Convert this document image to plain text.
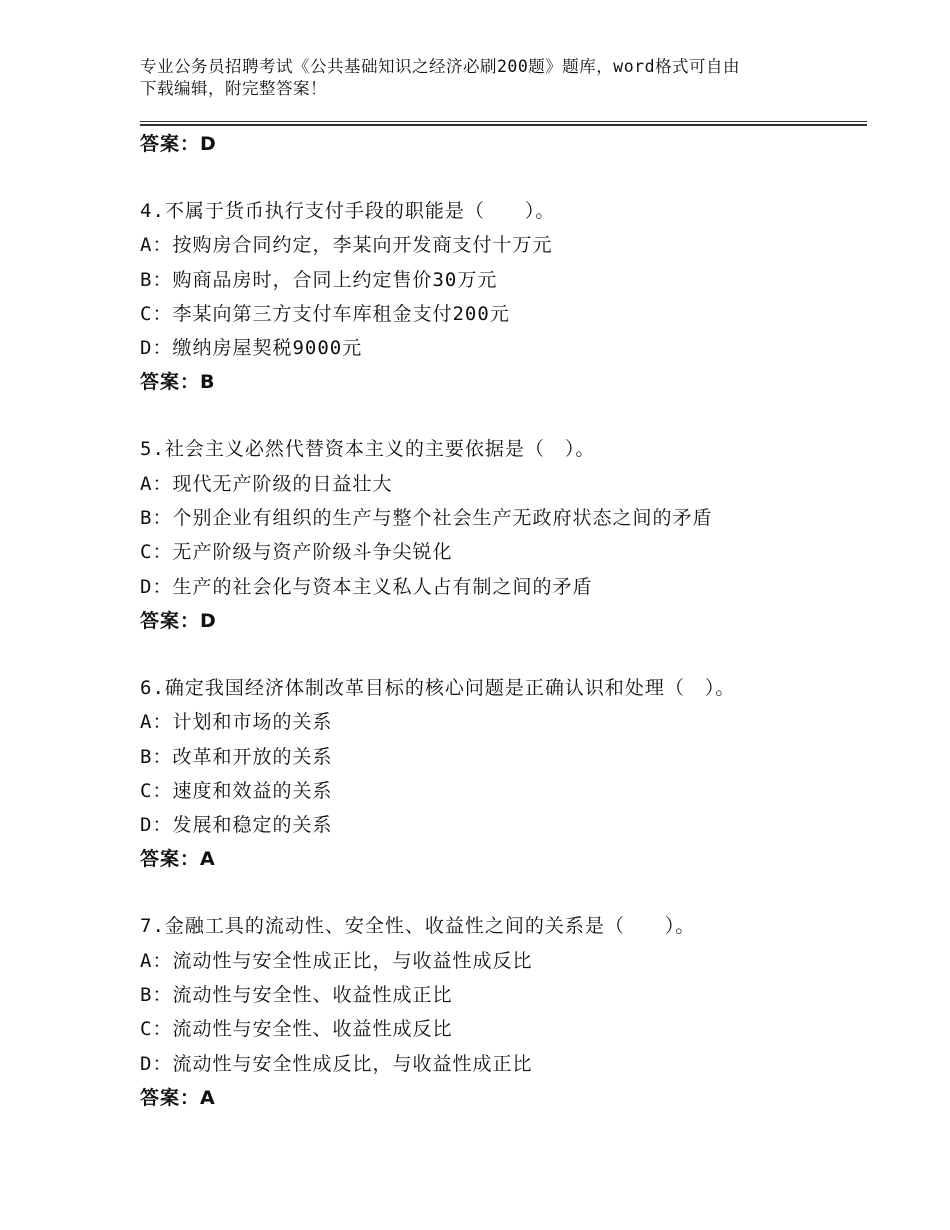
专业公务员招聘考试《公共基础知识之经济必刷200题》题库，word格式可自由
下载编辑，附完整答案！
答案：D
4.不属于货币执行支付手段的职能是（　　）。
A：按购房合同约定，李某向开发商支付十万元
B：购商品房时，合同上约定售价30万元
C：李某向第三方支付车库租金支付200元
D：缴纳房屋契税9000元
答案：B
5.社会主义必然代替资本主义的主要依据是（　）。
A：现代无产阶级的日益壮大
B：个别企业有组织的生产与整个社会生产无政府状态之间的矛盾
C：无产阶级与资产阶级斗争尖锐化
D：生产的社会化与资本主义私人占有制之间的矛盾
答案：D
6.确定我国经济体制改革目标的核心问题是正确认识和处理（　）。
A：计划和市场的关系
B：改革和开放的关系
C：速度和效益的关系
D：发展和稳定的关系
答案：A
7.金融工具的流动性、安全性、收益性之间的关系是（　　）。
A：流动性与安全性成正比，与收益性成反比
B：流动性与安全性、收益性成正比
C：流动性与安全性、收益性成反比
D：流动性与安全性成反比，与收益性成正比
答案：A
